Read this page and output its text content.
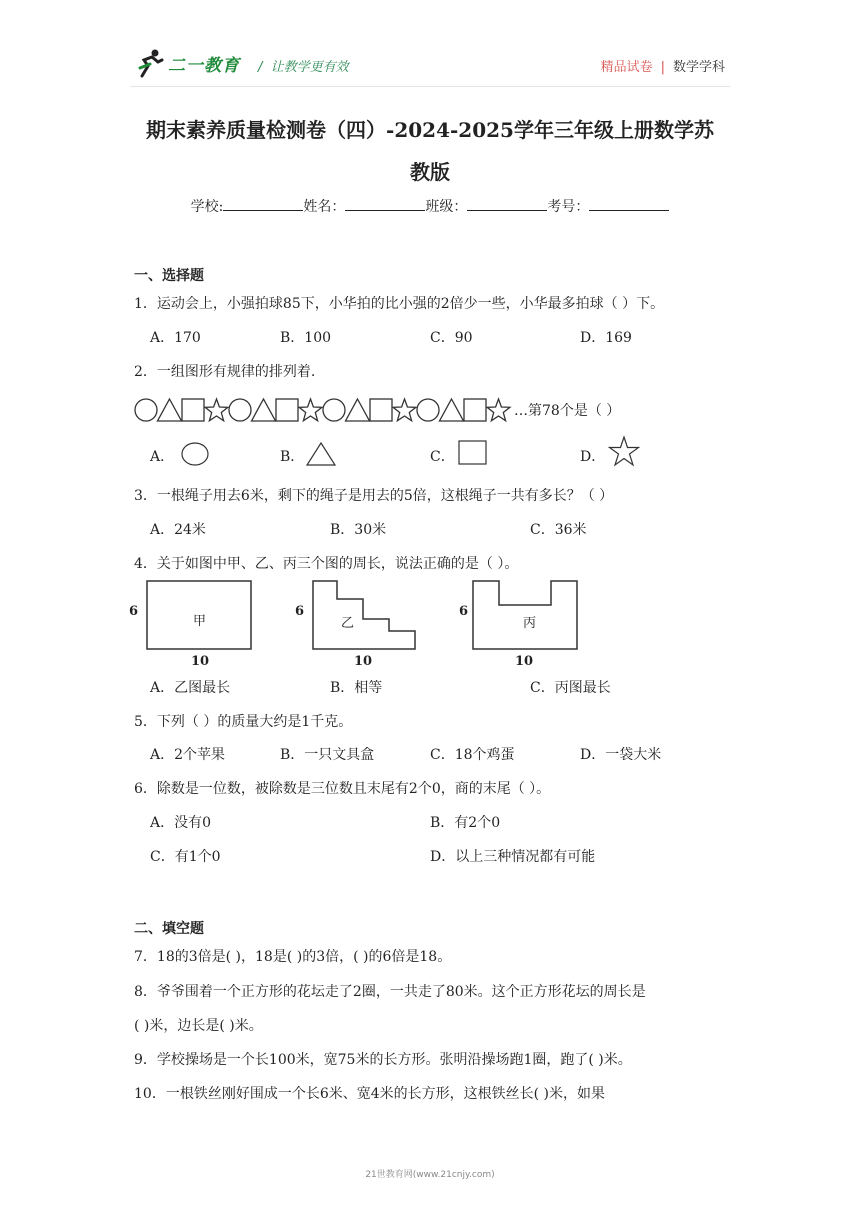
二一教育 /  让教学更有效	精品试卷 | 数学学科
期末素养质量检测卷（四）-2024-2025学年三年级上册数学苏
教版
学校:	姓名：	班级：	考号：
一、选择题
1．运动会上，小强拍球85下，小华拍的比小强的2倍少一些，小华最多拍球（ ）下。
A．170	B．100	C．90	D．169
2．一组图形有规律的排列着.
…第78个是（ ）
A．	B．	C．	D．
3．一根绳子用去6米，剩下的绳子是用去的5倍，这根绳子一共有多长？（ ）
A．24米	B．30米	C．36米
4．关于如图中甲、乙、丙三个图的周长，说法正确的是（ ）。
6
甲
10
6
乙
10
6
丙
10
A．乙图最长	B．相等	C．丙图最长
5．下列（ ）的质量大约是1千克。
A．2个苹果	B．一只文具盒	C．18个鸡蛋	D．一袋大米
6．除数是一位数，被除数是三位数且末尾有2个0，商的末尾（ ）。
A．没有0	B．有2个0
C．有1个0	D．以上三种情况都有可能
二、填空题
7．18的3倍是( )，18是( )的3倍，( )的6倍是18。
8．爷爷围着一个正方形的花坛走了2圈，一共走了80米。这个正方形花坛的周长是
( )米，边长是( )米。
9．学校操场是一个长100米，宽75米的长方形。张明沿操场跑1圈，跑了( )米。
10．一根铁丝刚好围成一个长6米、宽4米的长方形，这根铁丝长( )米，如果
21世教育网(www.21cnjy.com)
